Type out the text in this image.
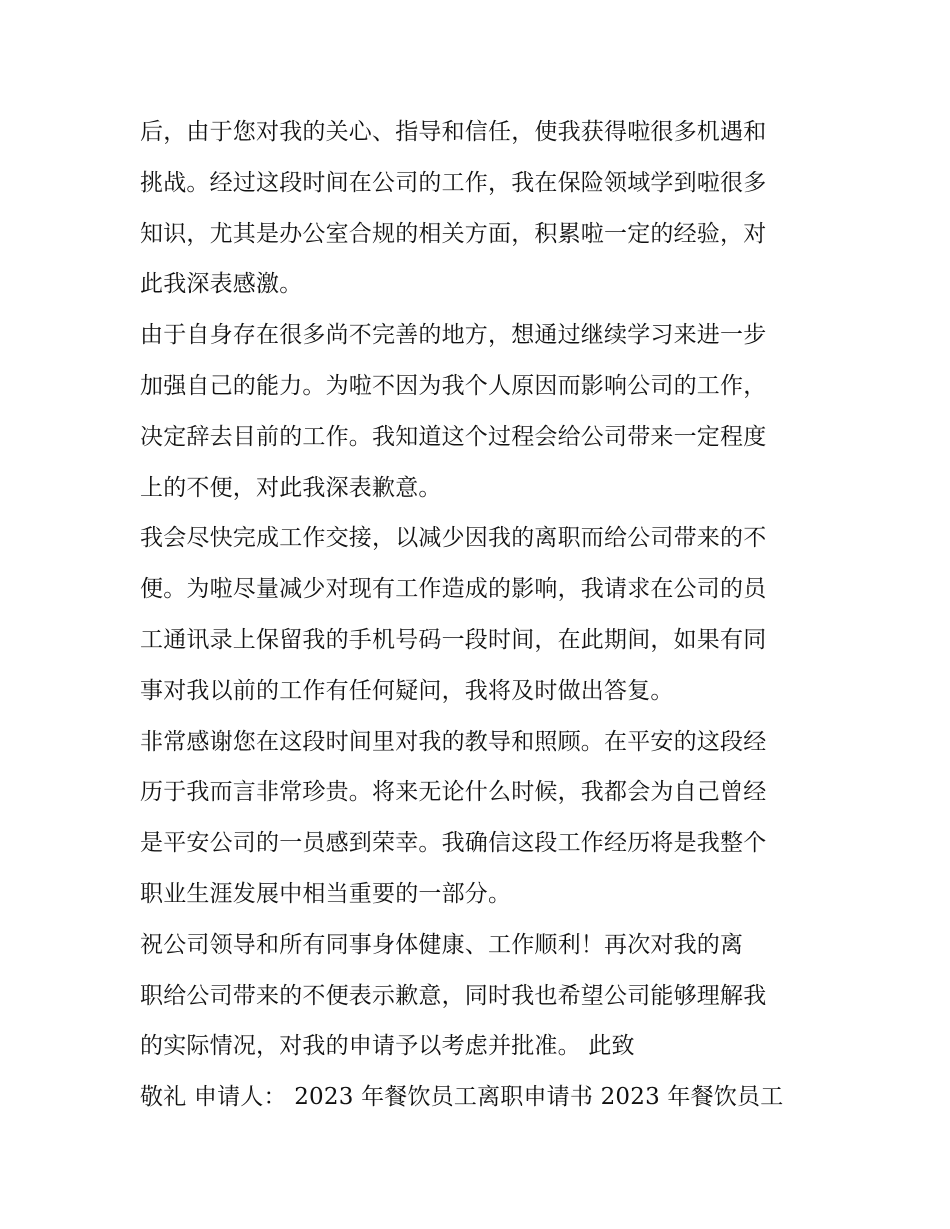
后，由于您对我的关心、指导和信任，使我获得啦很多机遇和
挑战。经过这段时间在公司的工作，我在保险领域学到啦很多
知识，尤其是办公室合规的相关方面，积累啦一定的经验，对
此我深表感激。
由于自身存在很多尚不完善的地方，想通过继续学习来进一步
加强自己的能力。为啦不因为我个人原因而影响公司的工作，
决定辞去目前的工作。我知道这个过程会给公司带来一定程度
上的不便，对此我深表歉意。
我会尽快完成工作交接，以减少因我的离职而给公司带来的不
便。为啦尽量减少对现有工作造成的影响，我请求在公司的员
工通讯录上保留我的手机号码一段时间，在此期间，如果有同
事对我以前的工作有任何疑问，我将及时做出答复。
非常感谢您在这段时间里对我的教导和照顾。在平安的这段经
历于我而言非常珍贵。将来无论什么时候，我都会为自己曾经
是平安公司的一员感到荣幸。我确信这段工作经历将是我整个
职业生涯发展中相当重要的一部分。
祝公司领导和所有同事身体健康、工作顺利！再次对我的离
职给公司带来的不便表示歉意，同时我也希望公司能够理解我
的实际情况，对我的申请予以考虑并批准。 此致
敬礼 申请人： 2023 年餐饮员工离职申请书 2023 年餐饮员工
